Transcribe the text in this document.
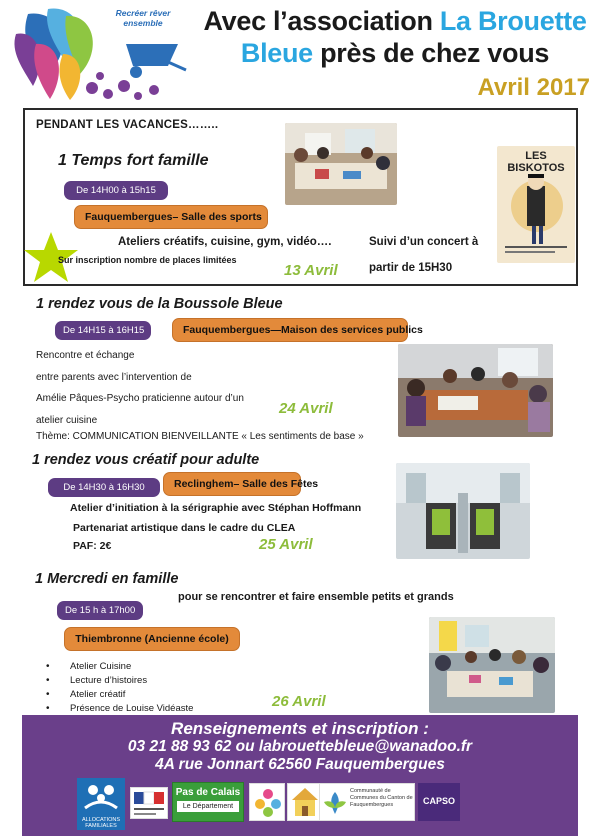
Recréer rêver ensemble	Avec l’association La Brouette
Bleue près de chez vous
Avril 2017
PENDANT LES VACANCES……..
1 Temps fort famille	LES BISKOTOS
De 14H00 à 15h15
Fauquembergues– Salle des sports
Ateliers créatifs, cuisine, gym, vidéo….	Suivi d’un concert à
partir de 15H30
Sur inscription nombre de places limitées
13 Avril
1 rendez vous de la Boussole Bleue
De 14H15 à 16H15	Fauquembergues—Maison des services publics
Rencontre et échange
entre parents avec l’intervention de
Amélie Pâques-Psycho praticienne autour d’un
atelier cuisine
Thème: COMMUNICATION BIENVEILLANTE « Les sentiments de base »
24 Avril
1 rendez vous créatif pour adulte
De 14H30 à 16H30	Reclinghem– Salle des Fêtes
Atelier d’initiation à la sérigraphie avec Stéphan Hoffmann
Partenariat artistique dans le cadre du CLEA
PAF: 2€	25 Avril
1 Mercredi en famille
pour se rencontrer et faire ensemble petits et grands
De 15 h à 17h00
Thiembronne (Ancienne école)
• Atelier Cuisine
• Lecture d’histoires
• Atelier créatif
• Présence de Louise Vidéaste	26 Avril
Renseignements et inscription :
03 21 88 93 62 ou labrouettebleue@wanadoo.fr
4A rue Jonnart 62560 Fauquembergues
ALLOCATIONS FAMILIALES
Pas de Calais
Le Département
Communauté de Communes du Canton de Fauquembergues	CAPSO
